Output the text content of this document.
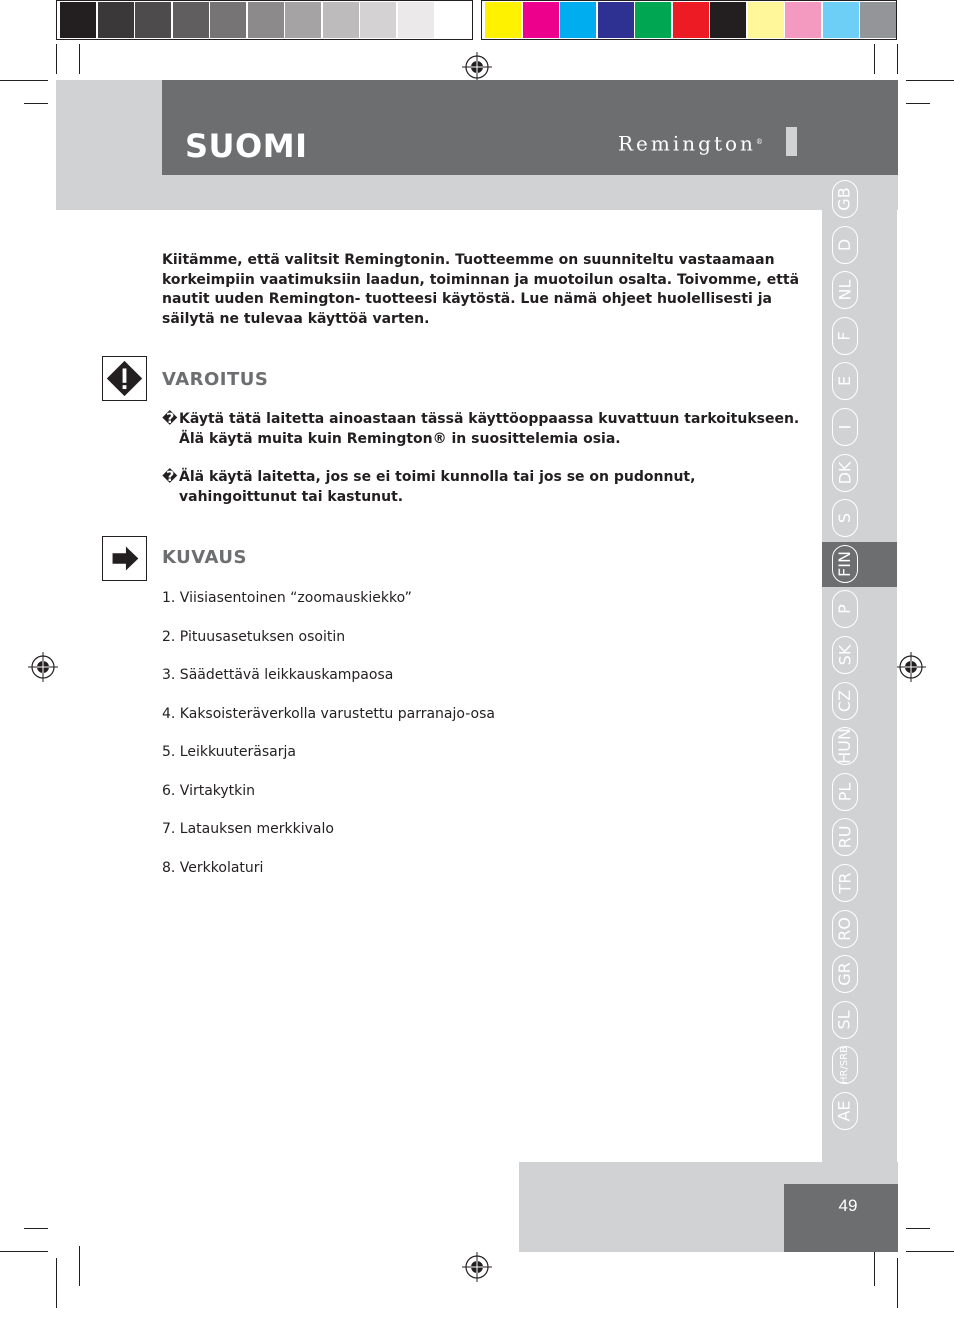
SUOMI	Remington®
GB
D
NL
F
E
I
DK
S
FIN
P
SK
CZ
HUN
PL
RU
TR
RO
GR
SL
HR/SRB
AE
Kiitämme, että valitsit Remingtonin. Tuotteemme on suunniteltu vastaamaan korkeimpiin vaatimuksiin laadun, toiminnan ja muotoilun osalta. Toivomme, että nautit uuden Remington- tuotteesi käytöstä. Lue nämä ohjeet huolellisesti ja säilytä ne tulevaa käyttöä varten.
VAROITUS
� Käytä tätä laitetta ainoastaan tässä käyttöoppaassa kuvattuun tarkoitukseen. Älä käytä muita kuin Remington® in suosittelemia osia.
� Älä käytä laitetta, jos se ei toimi kunnolla tai jos se on pudonnut, vahingoittunut tai kastunut.
KUVAUS
1. Viisiasentoinen “zoomauskiekko”
2. Pituusasetuksen osoitin
3. Säädettävä leikkauskampaosa
4. Kaksoisteräverkolla varustettu parranajo-osa
5. Leikkuuteräsarja
6. Virtakytkin
7. Latauksen merkkivalo
8. Verkkolaturi
49
